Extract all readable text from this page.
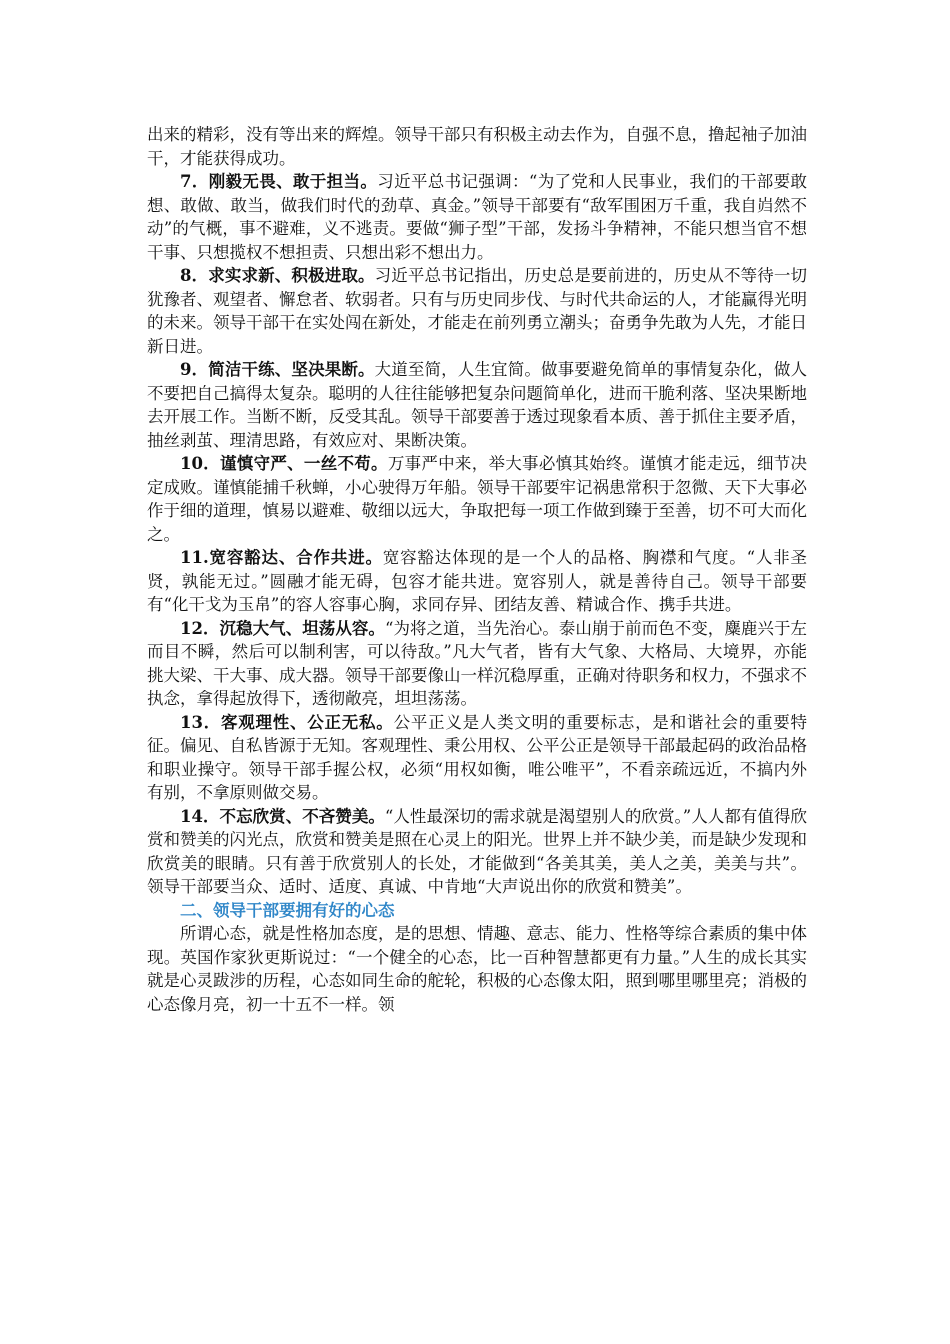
出来的精彩，没有等出来的辉煌。领导干部只有积极主动去作为，自强不息，撸起袖子加油干，才能获得成功。

7．刚毅无畏、敢于担当。习近平总书记强调：“为了党和人民事业，我们的干部要敢想、敢做、敢当，做我们时代的劲草、真金。”领导干部要有“敌军围困万千重，我自岿然不动”的气概，事不避难，义不逃责。要做“狮子型”干部，发扬斗争精神，不能只想当官不想干事、只想揽权不想担责、只想出彩不想出力。

8．求实求新、积极进取。习近平总书记指出，历史总是要前进的，历史从不等待一切犹豫者、观望者、懈怠者、软弱者。只有与历史同步伐、与时代共命运的人，才能赢得光明的未来。领导干部干在实处闯在新处，才能走在前列勇立潮头；奋勇争先敢为人先，才能日新日进。

9．简洁干练、坚决果断。大道至简，人生宜简。做事要避免简单的事情复杂化，做人不要把自己搞得太复杂。聪明的人往往能够把复杂问题简单化，进而干脆利落、坚决果断地去开展工作。当断不断，反受其乱。领导干部要善于透过现象看本质、善于抓住主要矛盾，抽丝剥茧、理清思路，有效应对、果断决策。

10．谨慎守严、一丝不苟。万事严中来，举大事必慎其始终。谨慎才能走远，细节决定成败。谨慎能捕千秋蝉，小心驶得万年船。领导干部要牢记祸患常积于忽微、天下大事必作于细的道理，慎易以避难、敬细以远大，争取把每一项工作做到臻于至善，切不可大而化之。

11.宽容豁达、合作共进。宽容豁达体现的是一个人的品格、胸襟和气度。“人非圣贤，孰能无过。”圆融才能无碍，包容才能共进。宽容别人，就是善待自己。领导干部要有“化干戈为玉帛”的容人容事心胸，求同存异、团结友善、精诚合作、携手共进。

12．沉稳大气、坦荡从容。“为将之道，当先治心。泰山崩于前而色不变，麋鹿兴于左而目不瞬，然后可以制利害，可以待敌。”凡大气者，皆有大气象、大格局、大境界，亦能挑大梁、干大事、成大器。领导干部要像山一样沉稳厚重，正确对待职务和权力，不强求不执念，拿得起放得下，透彻敞亮，坦坦荡荡。

13．客观理性、公正无私。公平正义是人类文明的重要标志，是和谐社会的重要特征。偏见、自私皆源于无知。客观理性、秉公用权、公平公正是领导干部最起码的政治品格和职业操守。领导干部手握公权，必须“用权如衡，唯公唯平”，不看亲疏远近，不搞内外有别，不拿原则做交易。

14．不忘欣赏、不吝赞美。“人性最深切的需求就是渴望别人的欣赏。”人人都有值得欣赏和赞美的闪光点，欣赏和赞美是照在心灵上的阳光。世界上并不缺少美，而是缺少发现和欣赏美的眼睛。只有善于欣赏别人的长处，才能做到“各美其美，美人之美，美美与共”。领导干部要当众、适时、适度、真诚、中肯地“大声说出你的欣赏和赞美”。

二、领导干部要拥有好的心态

所谓心态，就是性格加态度，是的思想、情趣、意志、能力、性格等综合素质的集中体现。英国作家狄更斯说过：“一个健全的心态，比一百种智慧都更有力量。”人生的成长其实就是心灵跋涉的历程，心态如同生命的舵轮，积极的心态像太阳，照到哪里哪里亮；消极的心态像月亮，初一十五不一样。领
